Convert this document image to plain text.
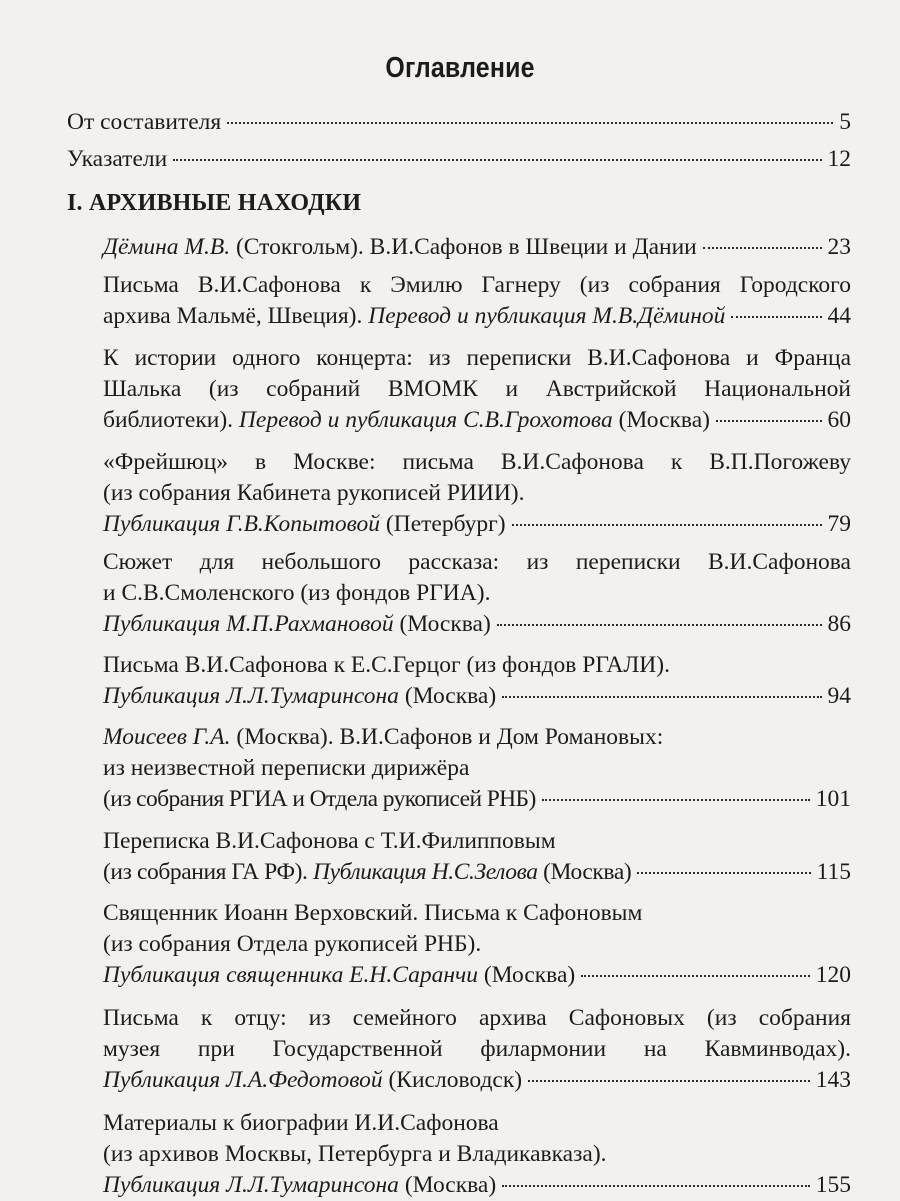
Оглавление
От составителя	5
Указатели	12
I. АРХИВНЫЕ НАХОДКИ
Дёмина М.В. (Стокгольм). В.И.Сафонов в Швеции и Дании	23
Письма В.И.Сафонова к Эмилю Гагнеру (из собрания Городского
архива Мальмё, Швеция). Перевод и публикация М.В.Дёминой	44
К истории одного концерта: из переписки В.И.Сафонова и Франца
Шалька (из собраний ВМОМК и Австрийской Национальной
библиотеки). Перевод и публикация С.В.Грохотова (Москва)	60
«Фрейшюц» в Москве: письма В.И.Сафонова к В.П.Погожеву
(из собрания Кабинета рукописей РИИИ).
Публикация Г.В.Копытовой (Петербург)	79
Сюжет для небольшого рассказа: из переписки В.И.Сафонова
и С.В.Смоленского (из фондов РГИА).
Публикация М.П.Рахмановой (Москва)	86
Письма В.И.Сафонова к Е.С.Герцог (из фондов РГАЛИ).
Публикация Л.Л.Тумаринсона (Москва)	94
Моисеев Г.А. (Москва). В.И.Сафонов и Дом Романовых:
из неизвестной переписки дирижёра
(из собрания РГИА и Отдела рукописей РНБ)	101
Переписка В.И.Сафонова с Т.И.Филипповым
(из собрания ГА РФ). Публикация Н.С.Зелова (Москва)	115
Священник Иоанн Верховский. Письма к Сафоновым
(из собрания Отдела рукописей РНБ).
Публикация священника Е.Н.Саранчи (Москва)	120
Письма к отцу: из семейного архива Сафоновых (из собрания
музея при Государственной филармонии на Кавминводах).
Публикация Л.А.Федотовой (Кисловодск)	143
Материалы к биографии И.И.Сафонова
(из архивов Москвы, Петербурга и Владикавказа).
Публикация Л.Л.Тумаринсона (Москва)	155
